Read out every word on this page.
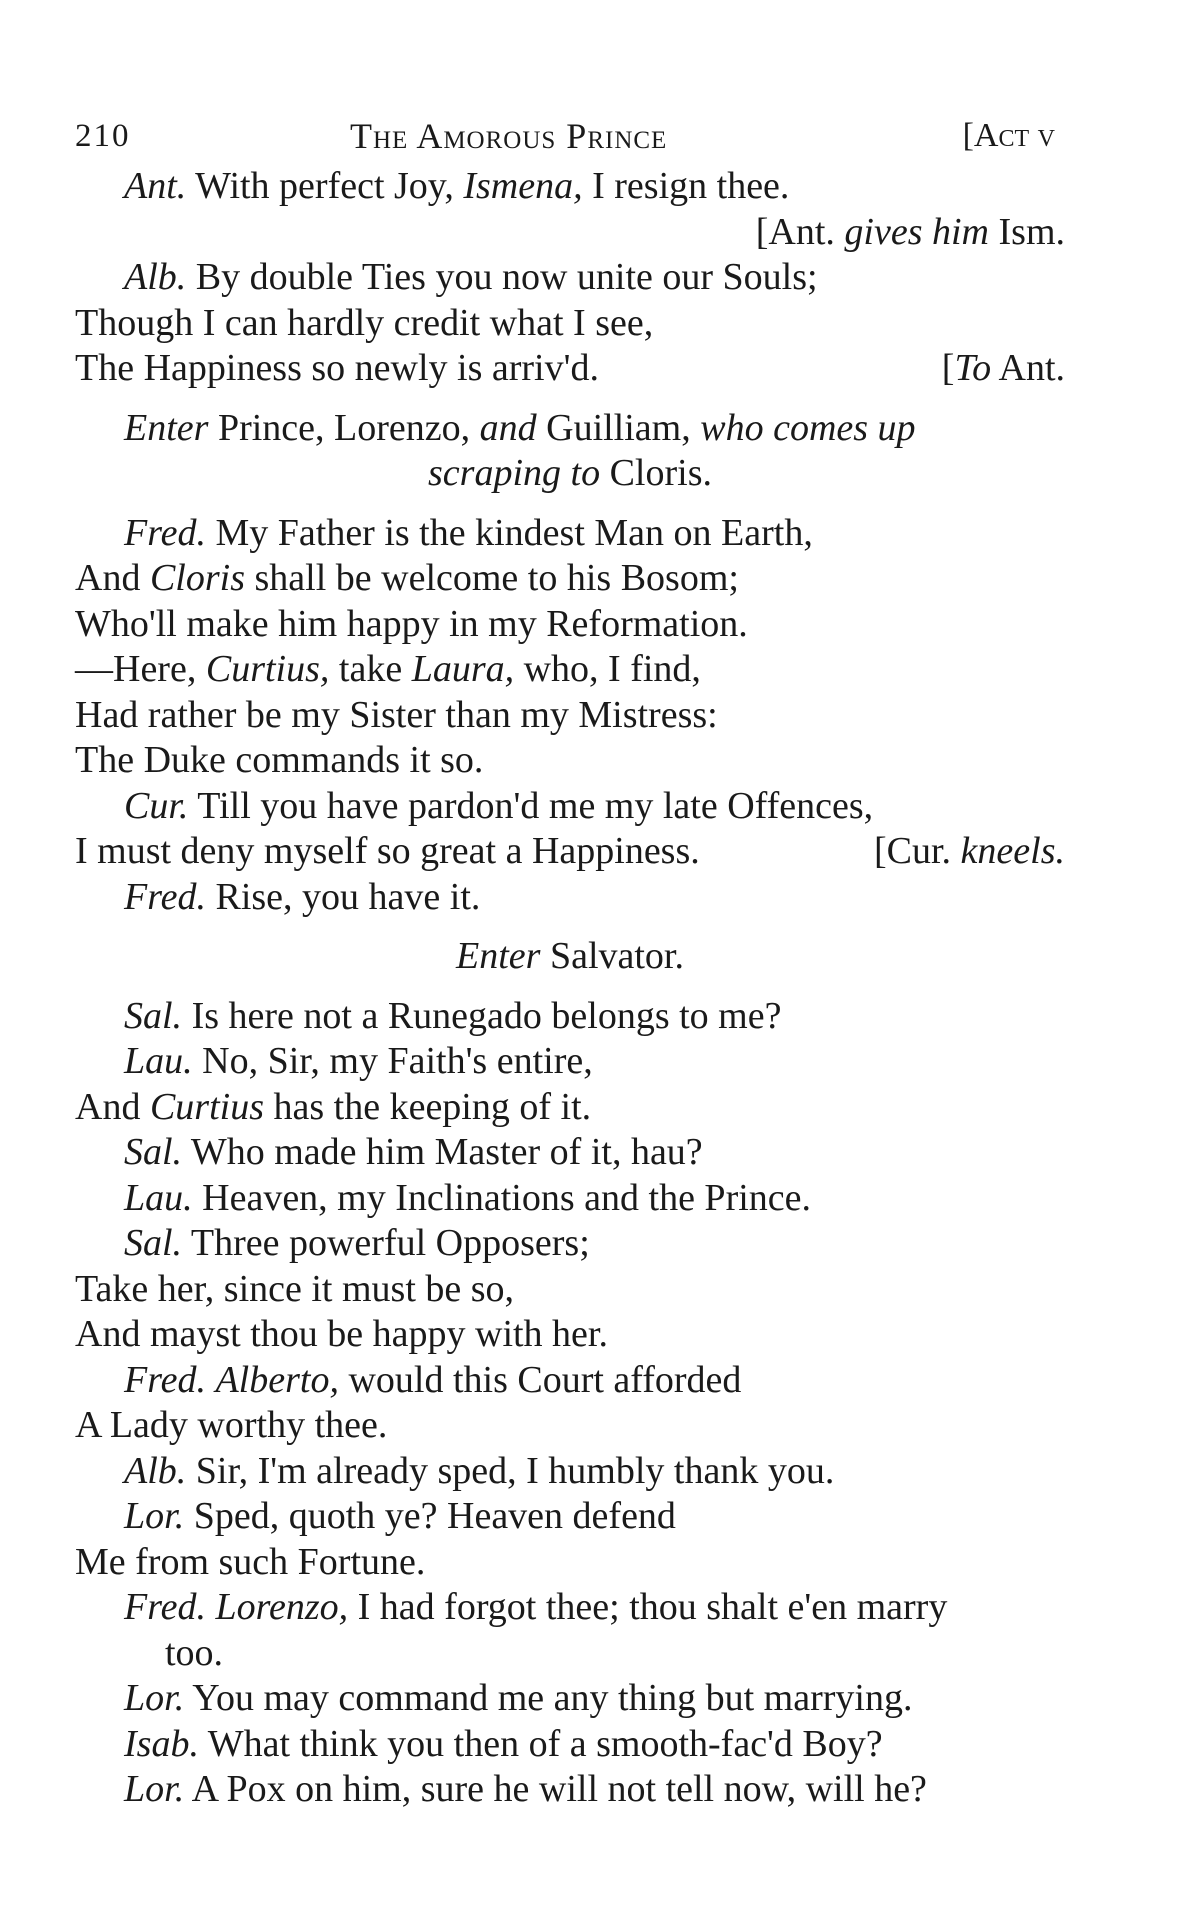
210	The Amorous Prince	[Act v
Ant. With perfect Joy, Ismena, I resign thee.
[Ant. gives him Ism.
Alb. By double Ties you now unite our Souls;
Though I can hardly credit what I see,
The Happiness so newly is arriv'd.	[To Ant.
Enter Prince, Lorenzo, and Guilliam, who comes up
scraping to Cloris.
Fred. My Father is the kindest Man on Earth,
And Cloris shall be welcome to his Bosom;
Who'll make him happy in my Reformation.
—Here, Curtius, take Laura, who, I find,
Had rather be my Sister than my Mistress:
The Duke commands it so.
Cur. Till you have pardon'd me my late Offences,
I must deny myself so great a Happiness.	[Cur. kneels.
Fred. Rise, you have it.
Enter Salvator.
Sal. Is here not a Runegado belongs to me?
Lau. No, Sir, my Faith's entire,
And Curtius has the keeping of it.
Sal. Who made him Master of it, hau?
Lau. Heaven, my Inclinations and the Prince.
Sal. Three powerful Opposers;
Take her, since it must be so,
And mayst thou be happy with her.
Fred. Alberto, would this Court afforded
A Lady worthy thee.
Alb. Sir, I'm already sped, I humbly thank you.
Lor. Sped, quoth ye? Heaven defend
Me from such Fortune.
Fred. Lorenzo, I had forgot thee; thou shalt e'en marry
too.
Lor. You may command me any thing but marrying.
Isab. What think you then of a smooth-fac'd Boy?
Lor. A Pox on him, sure he will not tell now, will he?
